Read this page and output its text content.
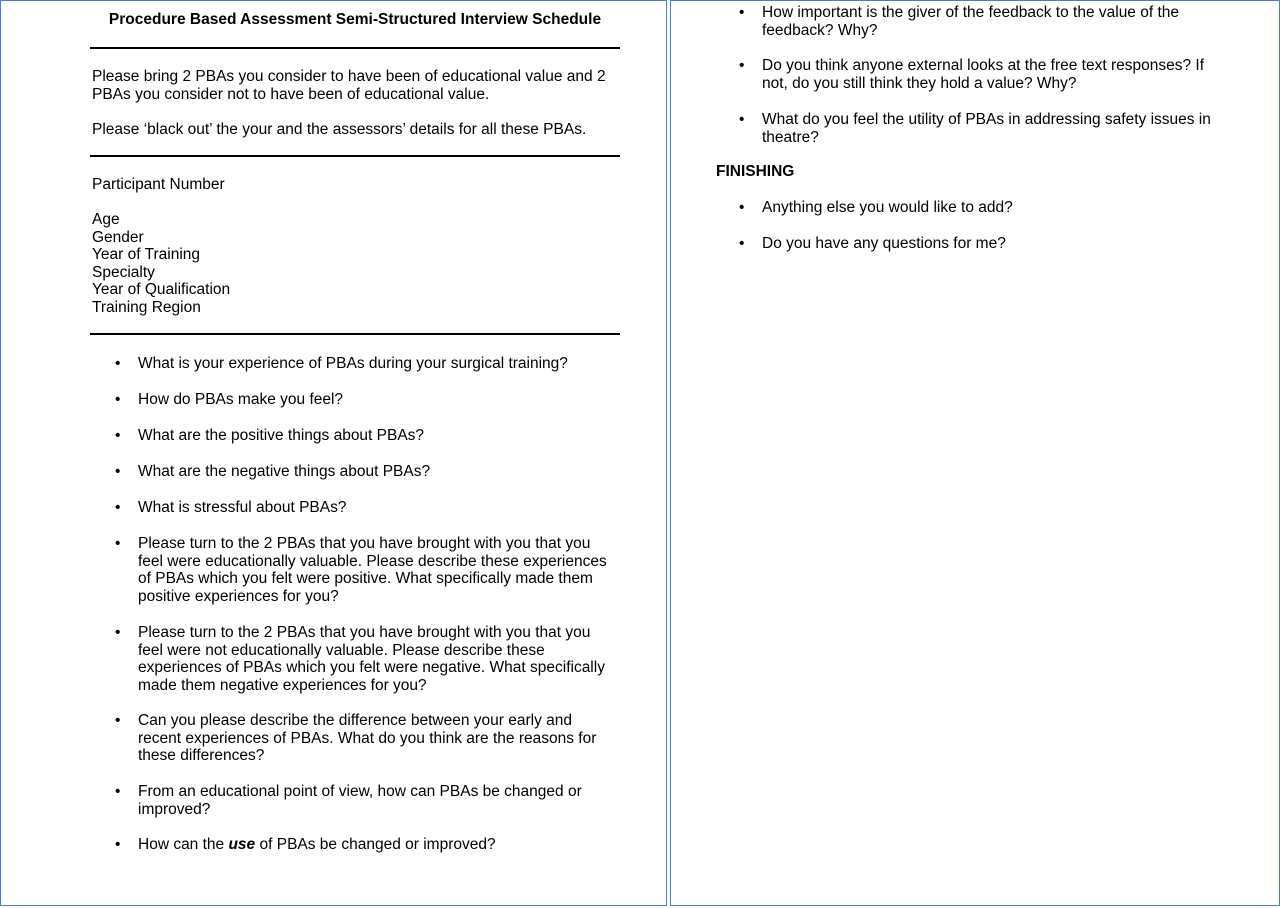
Procedure Based Assessment Semi-Structured Interview Schedule
Please bring 2 PBAs you consider to have been of educational value and 2 PBAs you consider not to have been of educational value.
Please ‘black out’ the your and the assessors’ details for all these PBAs.
Participant Number
Age
Gender
Year of Training
Specialty
Year of Qualification
Training Region
• What is your experience of PBAs during your surgical training?
• How do PBAs make you feel?
• What are the positive things about PBAs?
• What are the negative things about PBAs?
• What is stressful about PBAs?
• Please turn to the 2 PBAs that you have brought with you that you feel were educationally valuable. Please describe these experiences of PBAs which you felt were positive. What specifically made them positive experiences for you?
• Please turn to the 2 PBAs that you have brought with you that you feel were not educationally valuable. Please describe these experiences of PBAs which you felt were negative. What specifically made them negative experiences for you?
• Can you please describe the difference between your early and recent experiences of PBAs. What do you think are the reasons for these differences?
• From an educational point of view, how can PBAs be changed or improved?
• How can the use of PBAs be changed or improved?
• How important is the giver of the feedback to the value of the feedback? Why?
• Do you think anyone external looks at the free text responses? If not, do you still think they hold a value? Why?
• What do you feel the utility of PBAs in addressing safety issues in theatre?
FINISHING
• Anything else you would like to add?
• Do you have any questions for me?
